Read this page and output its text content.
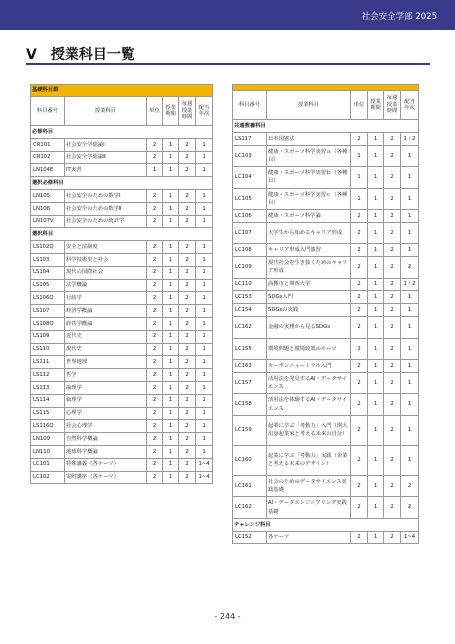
社会安全学部 2025
Ⅴ　授業科目一覧
基礎科目群					
科目番号	授業科目	単位	授業期間	毎週授業時間	配当年次
必修科目					
CR101	社会安全学総論Ⅰ	2	1	2	1
CR102	社会安全学総論Ⅱ	2	1	2	1
LN104E	IT実習	1	1	2	1
選択必修科目					
LN105	社会安全のための数学Ⅰ	2	1	2	1
LN106	社会安全のための数学Ⅱ	2	1	2	1
LN107V	社会安全のための統計学	2	1	2	1
選択科目					
LS102Q	安全と法制度	2	1	2	1
LS103	科学技術史と社会	2	1	2	1
LS104	現代の国際社会	2	1	2	1
LS105	法学概論	2	1	2	1
LS106Q	行政学	2	1	2	1
LS107	経済学概論	2	1	2	1
LS108Q	経営学概論	2	1	2	1
LS109	近代史	2	1	2	1
LS110	現代史	2	1	2	1
LS111	世界地理	2	1	2	1
LS112	哲学	2	1	2	1
LS113	論理学	2	1	2	1
LS114	倫理学	2	1	2	1
LS115	心理学	2	1	2	1
LS116Q	社会心理学	2	1	2	1
LN109	自然科学概論	2	1	2	1
LN110	地球科学概論	2	1	2	1
LC101	特殊講義（各テーマ）	2	1	2	1~4
LC102	寄附講座（各テーマ）	2	1	2	1~4

科目番号	授業科目	単位	授業期間	毎週授業時間	配当年次
共通教養科目					
LS117	日本国憲法	2	1	2	1・2
LC103	健康・スポーツ科学実習ａ（各種目）	1	1	2	1
LC104	健康・スポーツ科学実習ｂ（各種目）	1	1	2	1
LC105	健康・スポーツ科学実習ｃ（各種目）	1	1	2	1
LC106	健康・スポーツ科学論	2	1	2	1
LC107	大学生から始めるキャリア形成	2	1	2	1
LC108	キャリア形成入門演習	2	1	2	1
LC109	現代社会を生き抜くためのキャリア形成	2	1	2	2
LC110	高槻市と関西大学	2	1	2	1・2
LC153	SDGs入門	2	1	2	1
LC154	SDGsの実践	2	1	2	1
LC162	金融の実務から見るSDGs	2	1	2	1
LC155	環境問題と環境政策のルーツ	2	1	2	1
LC163	カーボンニュートラル入門	2	1	2	1
LC157	活用法を発見するAI・データサイエンス	2	1	2	1
LC158	活用法を体験するAI・データサイエンス	2	1	2	1
LC159	起業に学ぶ「考動力」入門（関大出身起業家と考える未来の自分）	2	1	2	1
LC160	起業に学ぶ「考動力」実践（企業と考える未来のデザイン）	2	1	2	1
LC161	社会のためのデータサイエンス実践基礎	2	1	2	2
LC162	AI・データエンジニアリング実践基礎	2	1	2	2
チャレンジ科目					
LC152	各テーマ	2	1	2	1~4
- 244 -
